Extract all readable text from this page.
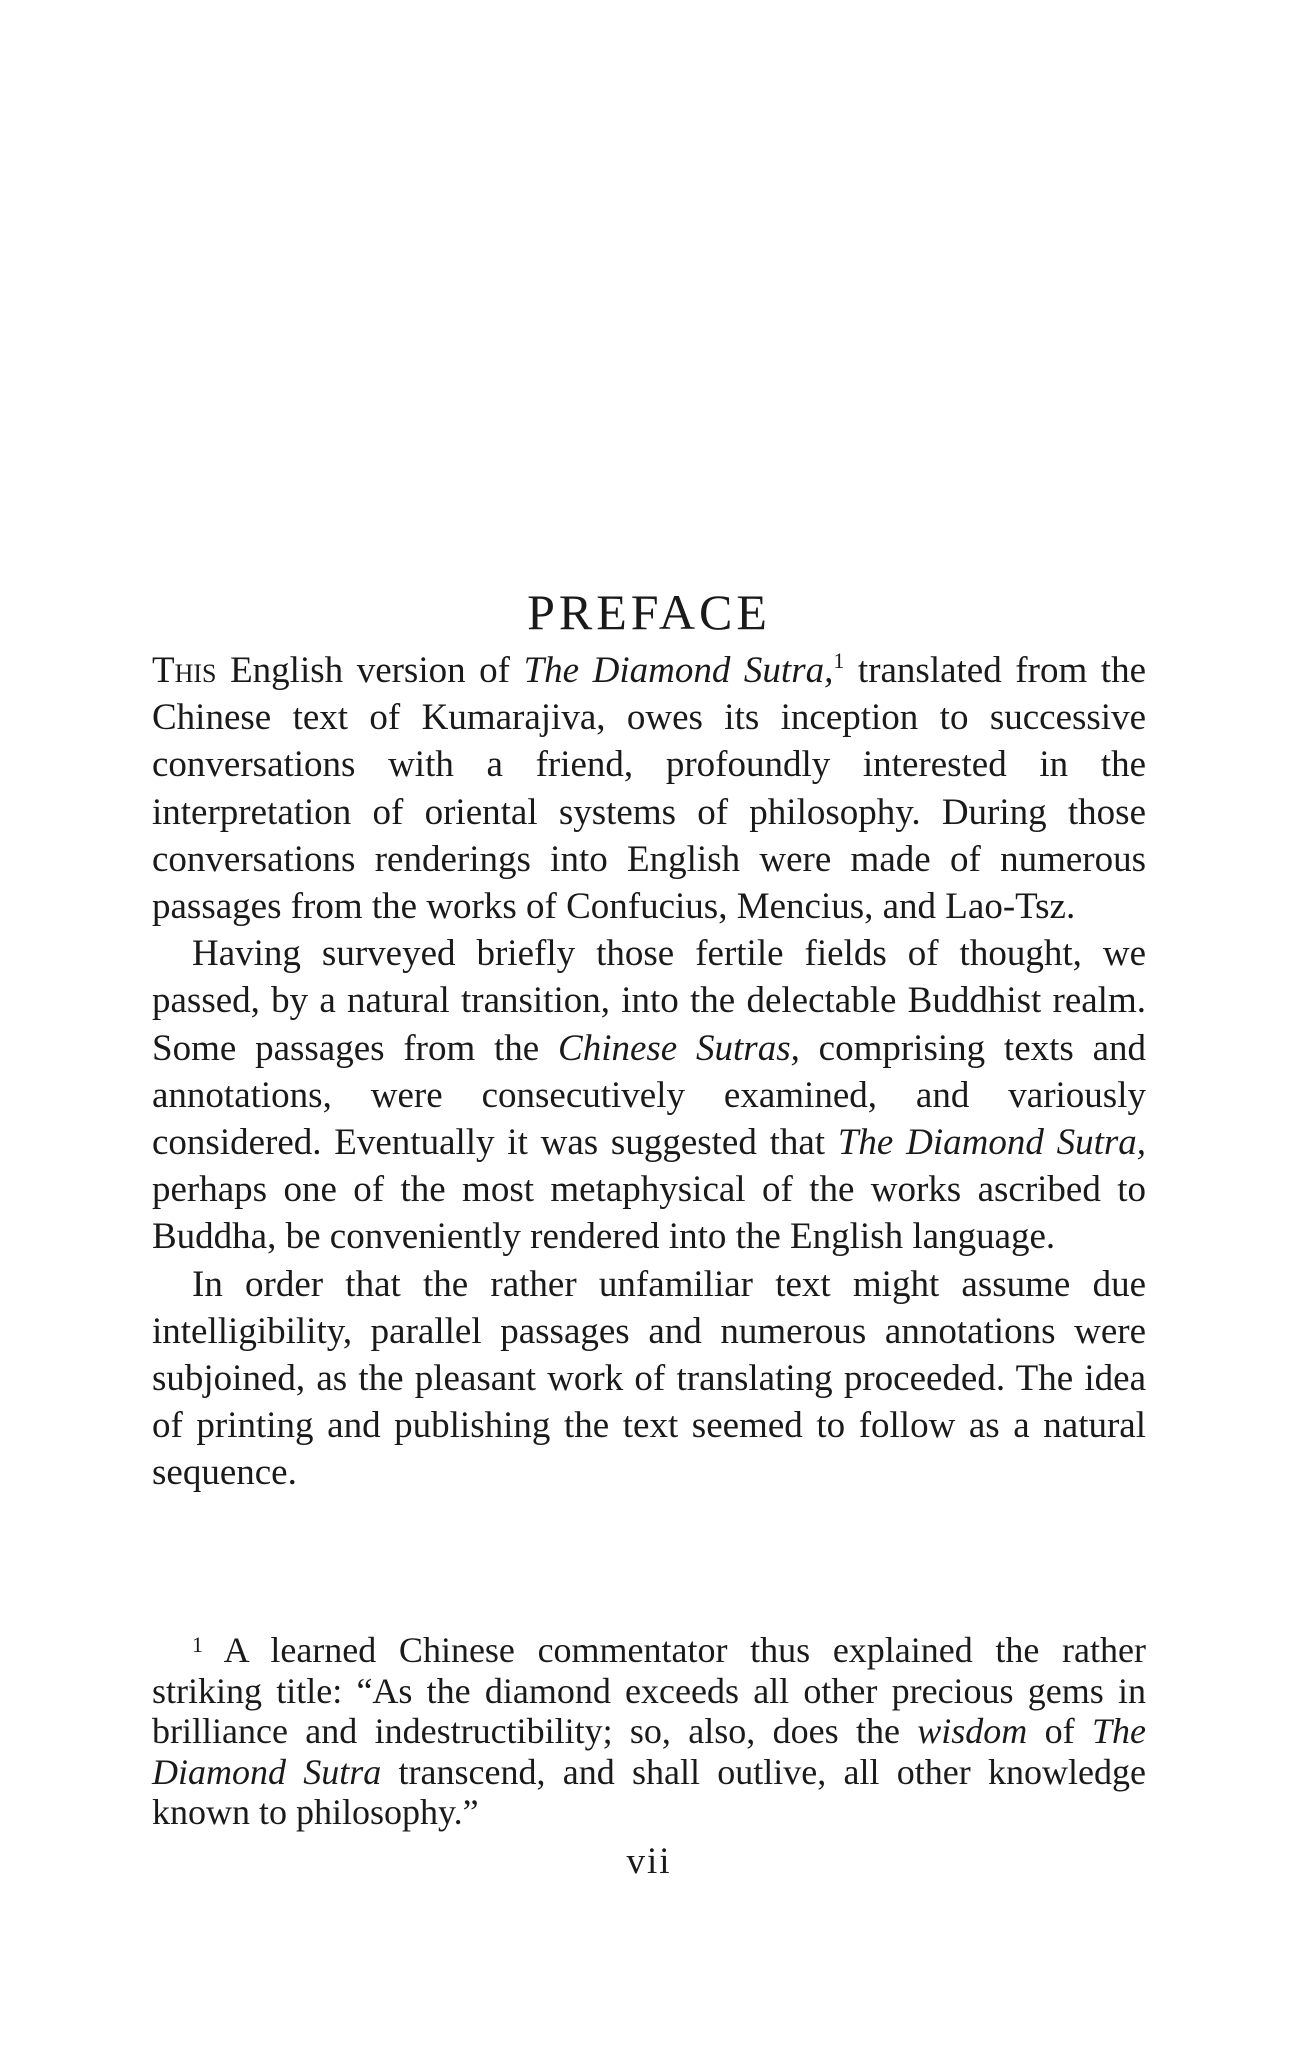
PREFACE

This English version of The Diamond Sutra,$^1$ translated from the Chinese text of Kumarajiva, owes its inception to successive conversations with a friend, profoundly interested in the interpretation of oriental systems of philosophy. During those conversations renderings into English were made of numerous passages from the works of Confucius, Mencius, and Lao-Tsz.

Having surveyed briefly those fertile fields of thought, we passed, by a natural transition, into the delectable Buddhist realm. Some passages from the Chinese Sutras, comprising texts and annotations, were consecutively examined, and variously considered. Eventually it was suggested that The Diamond Sutra, perhaps one of the most metaphysical of the works ascribed to Buddha, be conveniently rendered into the English language.

In order that the rather unfamiliar text might assume due intelligibility, parallel passages and numerous annotations were subjoined, as the pleasant work of translating proceeded. The idea of printing and publishing the text seemed to follow as a natural sequence.

$^1$ A learned Chinese commentator thus explained the rather striking title: “As the diamond exceeds all other precious gems in brilliance and indestructibility; so, also, does the wisdom of The Diamond Sutra transcend, and shall outlive, all other knowledge known to philosophy.”

vii
